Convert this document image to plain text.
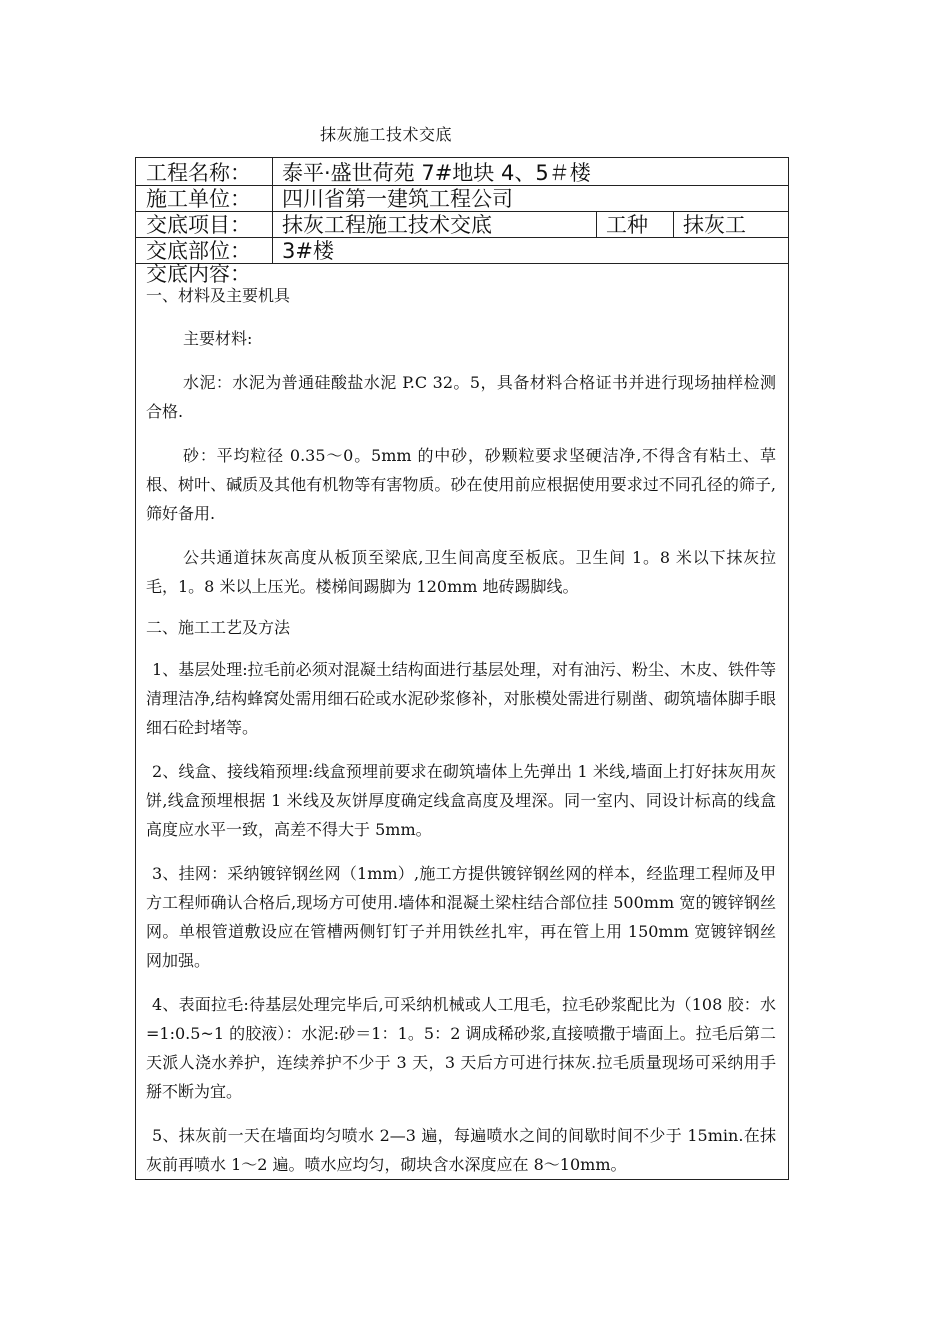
抹灰施工技术交底
工程名称：	泰平·盛世荷苑 7#地块 4、5＃楼
施工单位：	四川省第一建筑工程公司
交底项目：	抹灰工程施工技术交底	工种	抹灰工
交底部位：	3#楼
交底内容：

一、材料及主要机具

主要材料:

水泥：水泥为普通硅酸盐水泥 P.C 32。5，具备材料合格证书并进行现场抽样检测合格.

砂：平均粒径 0.35～0。5mm 的中砂，砂颗粒要求坚硬洁净,不得含有粘土、草根、树叶、碱质及其他有机物等有害物质。砂在使用前应根据使用要求过不同孔径的筛子,筛好备用.

公共通道抹灰高度从板顶至梁底,卫生间高度至板底。卫生间 1。8 米以下抹灰拉毛，1。8 米以上压光。楼梯间踢脚为 120mm 地砖踢脚线。

二、施工工艺及方法

1、基层处理:拉毛前必须对混凝土结构面进行基层处理，对有油污、粉尘、木皮、铁件等清理洁净,结构蜂窝处需用细石砼或水泥砂浆修补，对胀模处需进行剔凿、砌筑墙体脚手眼细石砼封堵等。

2、线盒、接线箱预埋:线盒预埋前要求在砌筑墙体上先弹出 1 米线,墙面上打好抹灰用灰饼,线盒预埋根据 1 米线及灰饼厚度确定线盒高度及埋深。同一室内、同设计标高的线盒高度应水平一致，高差不得大于 5mm。

3、挂网：采纳镀锌钢丝网（1mm）,施工方提供镀锌钢丝网的样本，经监理工程师及甲方工程师确认合格后,现场方可使用.墙体和混凝土梁柱结合部位挂 500mm 宽的镀锌钢丝网。单根管道敷设应在管槽两侧钉钉子并用铁丝扎牢，再在管上用 150mm 宽镀锌钢丝网加强。

4、表面拉毛:待基层处理完毕后,可采纳机械或人工甩毛，拉毛砂浆配比为（108 胶：水=1:0.5~1 的胶液）：水泥:砂＝1：1。5：2 调成稀砂浆,直接喷撒于墙面上。拉毛后第二天派人浇水养护，连续养护不少于 3 天，3 天后方可进行抹灰.拉毛质量现场可采纳用手掰不断为宜。

5、抹灰前一天在墙面均匀喷水 2—3 遍，每遍喷水之间的间歇时间不少于 15min.在抹灰前再喷水 1～2 遍。喷水应均匀，砌块含水深度应在 8～10mm。
